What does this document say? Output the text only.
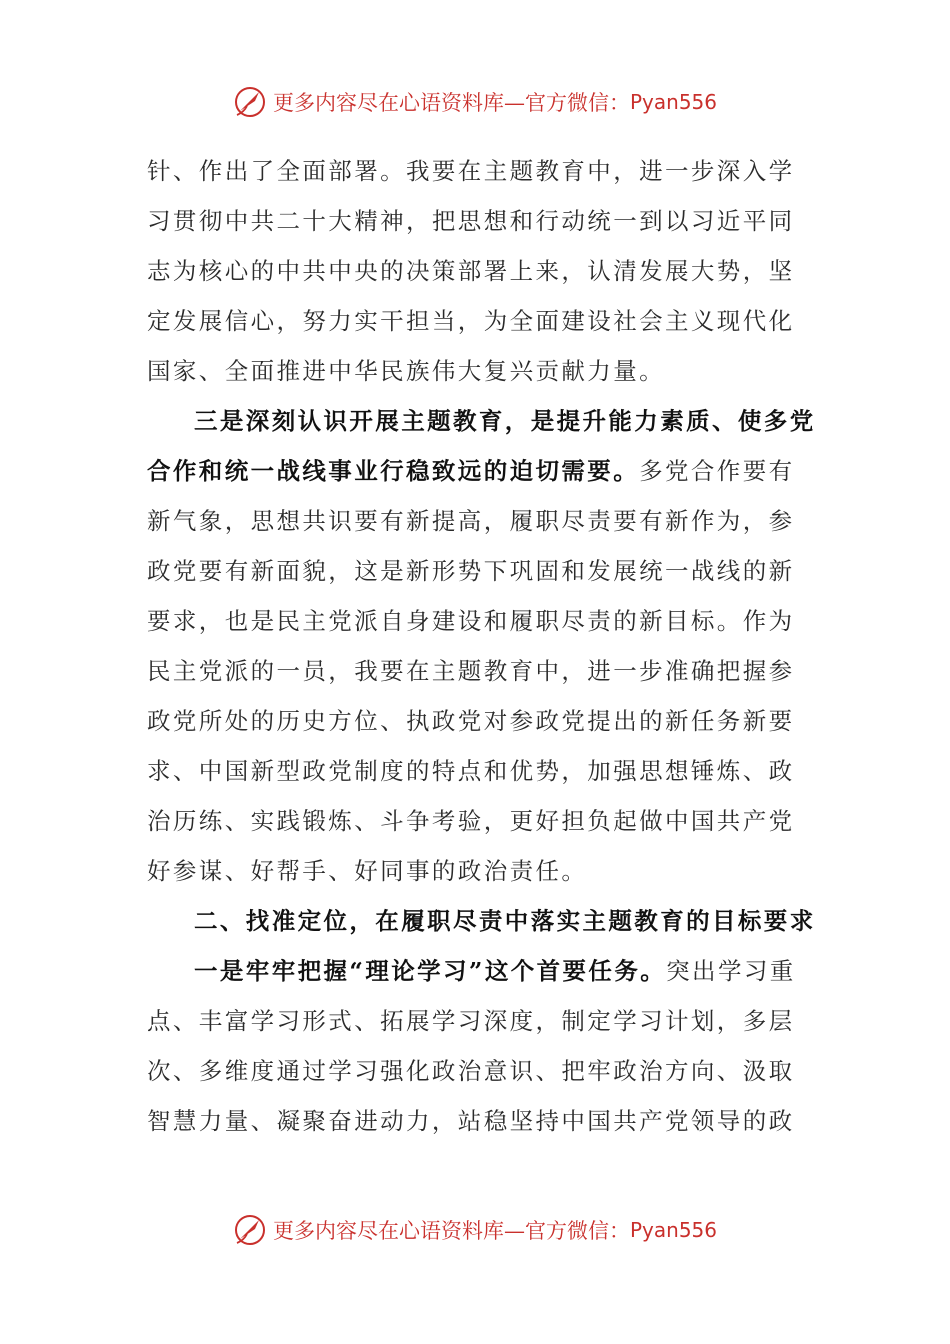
更多内容尽在心语资料库—官方微信： Pyan556
针、作出了全面部署。我要在主题教育中，进一步深入学
习贯彻中共二十大精神，把思想和行动统一到以习近平同
志为核心的中共中央的决策部署上来，认清发展大势，坚
定发展信心，努力实干担当，为全面建设社会主义现代化
国家、全面推进中华民族伟大复兴贡献力量。
三是深刻认识开展主题教育，是提升能力素质、使多党
合作和统一战线事业行稳致远的迫切需要。多党合作要有
新气象，思想共识要有新提高，履职尽责要有新作为，参
政党要有新面貌，这是新形势下巩固和发展统一战线的新
要求，也是民主党派自身建设和履职尽责的新目标。作为
民主党派的一员，我要在主题教育中，进一步准确把握参
政党所处的历史方位、执政党对参政党提出的新任务新要
求、中国新型政党制度的特点和优势，加强思想锤炼、政
治历练、实践锻炼、斗争考验，更好担负起做中国共产党
好参谋、好帮手、好同事的政治责任。
二、找准定位，在履职尽责中落实主题教育的目标要求
一是牢牢把握“理论学习”这个首要任务。突出学习重
点、丰富学习形式、拓展学习深度，制定学习计划，多层
次、多维度通过学习强化政治意识、把牢政治方向、汲取
智慧力量、凝聚奋进动力，站稳坚持中国共产党领导的政
更多内容尽在心语资料库—官方微信： Pyan556
